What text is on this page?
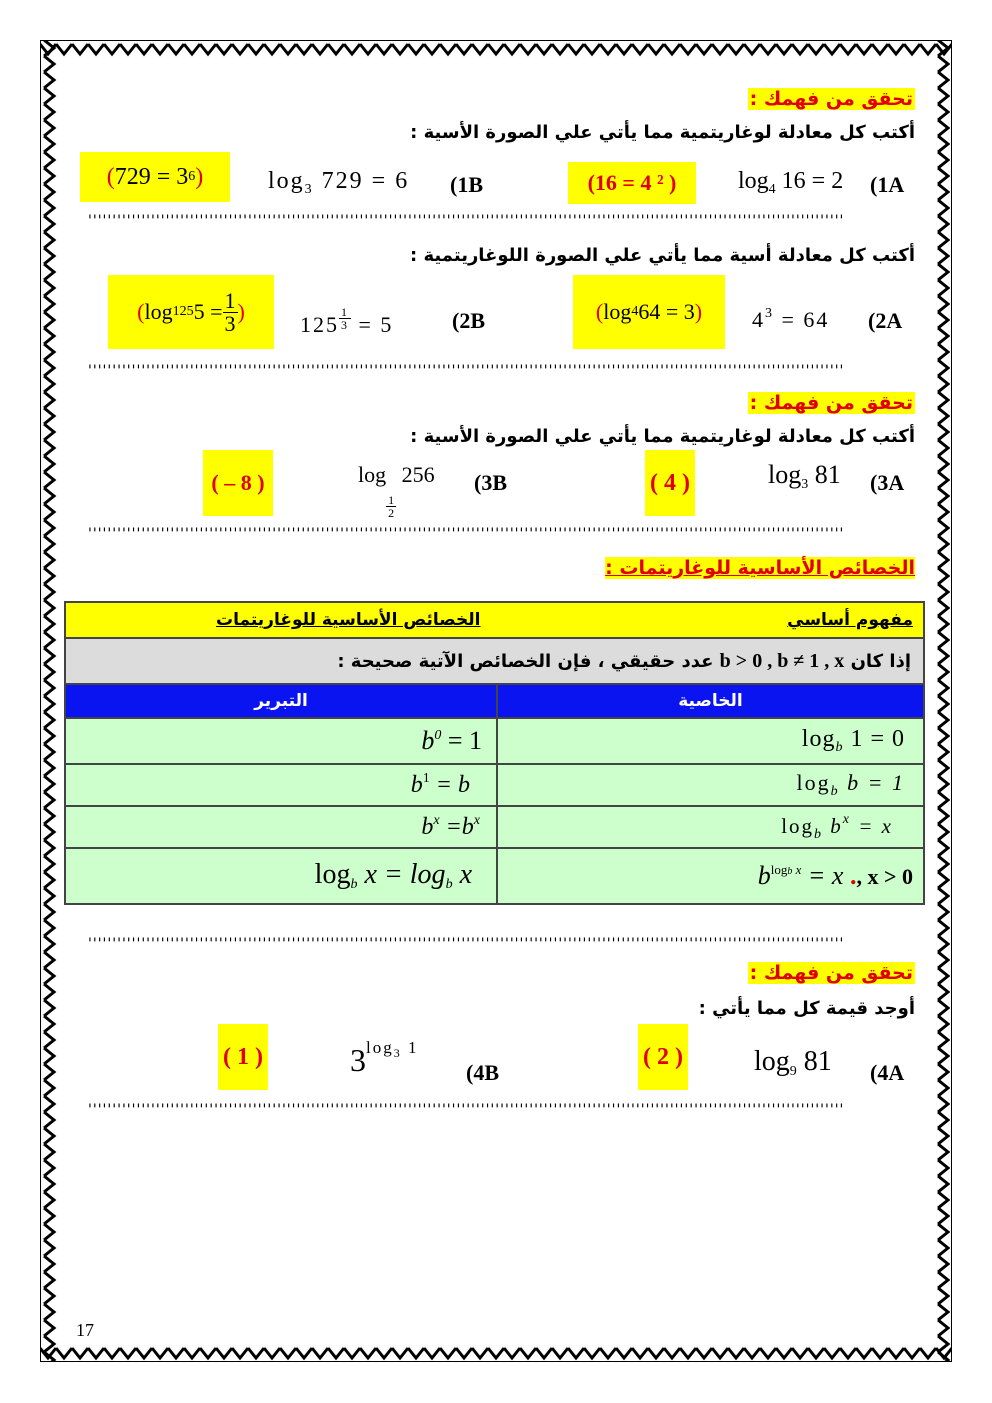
تحقق من فهمك :
أكتب كل معادلة لوغاريتمية مما يأتي علي الصورة الأسية :
(1A
$\log_4 16 = 2$
(16 = 4 ² )
(1B
$\log_3 729 = 6$
( 729 = 3 6 )
''''''''''''''''''''''''''''''''''''''''''''''''''''''''''''''''''''''''''''''''''''''''''''''''''''''''''''''''''''''''''''''''''''''''''''''''''''''''''''
أكتب كل معادلة أسية مما يأتي علي الصورة اللوغاريتمية :
(2A
$4^3 = 64$
( log 4 64 = 3 )
(2B
$125 \frac{1}{3} = 5$
( log 125 $5 = \frac{1}{3}$ )
''''''''''''''''''''''''''''''''''''''''''''''''''''''''''''''''''''''''''''''''''''''''''''''''''''''''''''''''''''''''''''''''''''''''''''''''''''''''''''
تحقق من فهمك :
أكتب كل معادلة لوغاريتمية مما يأتي علي الصورة الأسية :
(3A
$\log_3 81$
( 4 )
(3B
log
$\frac{1}{2}$
256
( – 8 )
''''''''''''''''''''''''''''''''''''''''''''''''''''''''''''''''''''''''''''''''''''''''''''''''''''''''''''''''''''''''''''''''''''''''''''''''''''''''''''
الخصائص الأساسية للوغاريتمات :
مفهوم أساسي
الخصائص الأساسية للوغاريتمات	

إذا كان b > 0 , b ≠ 1 , x عدد حقيقي ، فإن الخصائص الآتية صحيحة :	

التبرير	الخاصية
$b^0 = 1$	$\log_b 1 = 0$
$b^1 = b$	$\log_b b = 1$
$b^x =b^x$	$\log_b b^x = x$
$\log_b x = \log_b x$	$b^{logb x} = x$ ., x > 0
''''''''''''''''''''''''''''''''''''''''''''''''''''''''''''''''''''''''''''''''''''''''''''''''''''''''''''''''''''''''''''''''''''''''''''''''''''''''''''
تحقق من فهمك :
أوجد قيمة كل مما يأتي :
(4A
$\log_9 81$
( 2 )
(4B
$3^{log_3 1}$
( 1 )
''''''''''''''''''''''''''''''''''''''''''''''''''''''''''''''''''''''''''''''''''''''''''''''''''''''''''''''''''''''''''''''''''''''''''''''''''''''''''''
17
